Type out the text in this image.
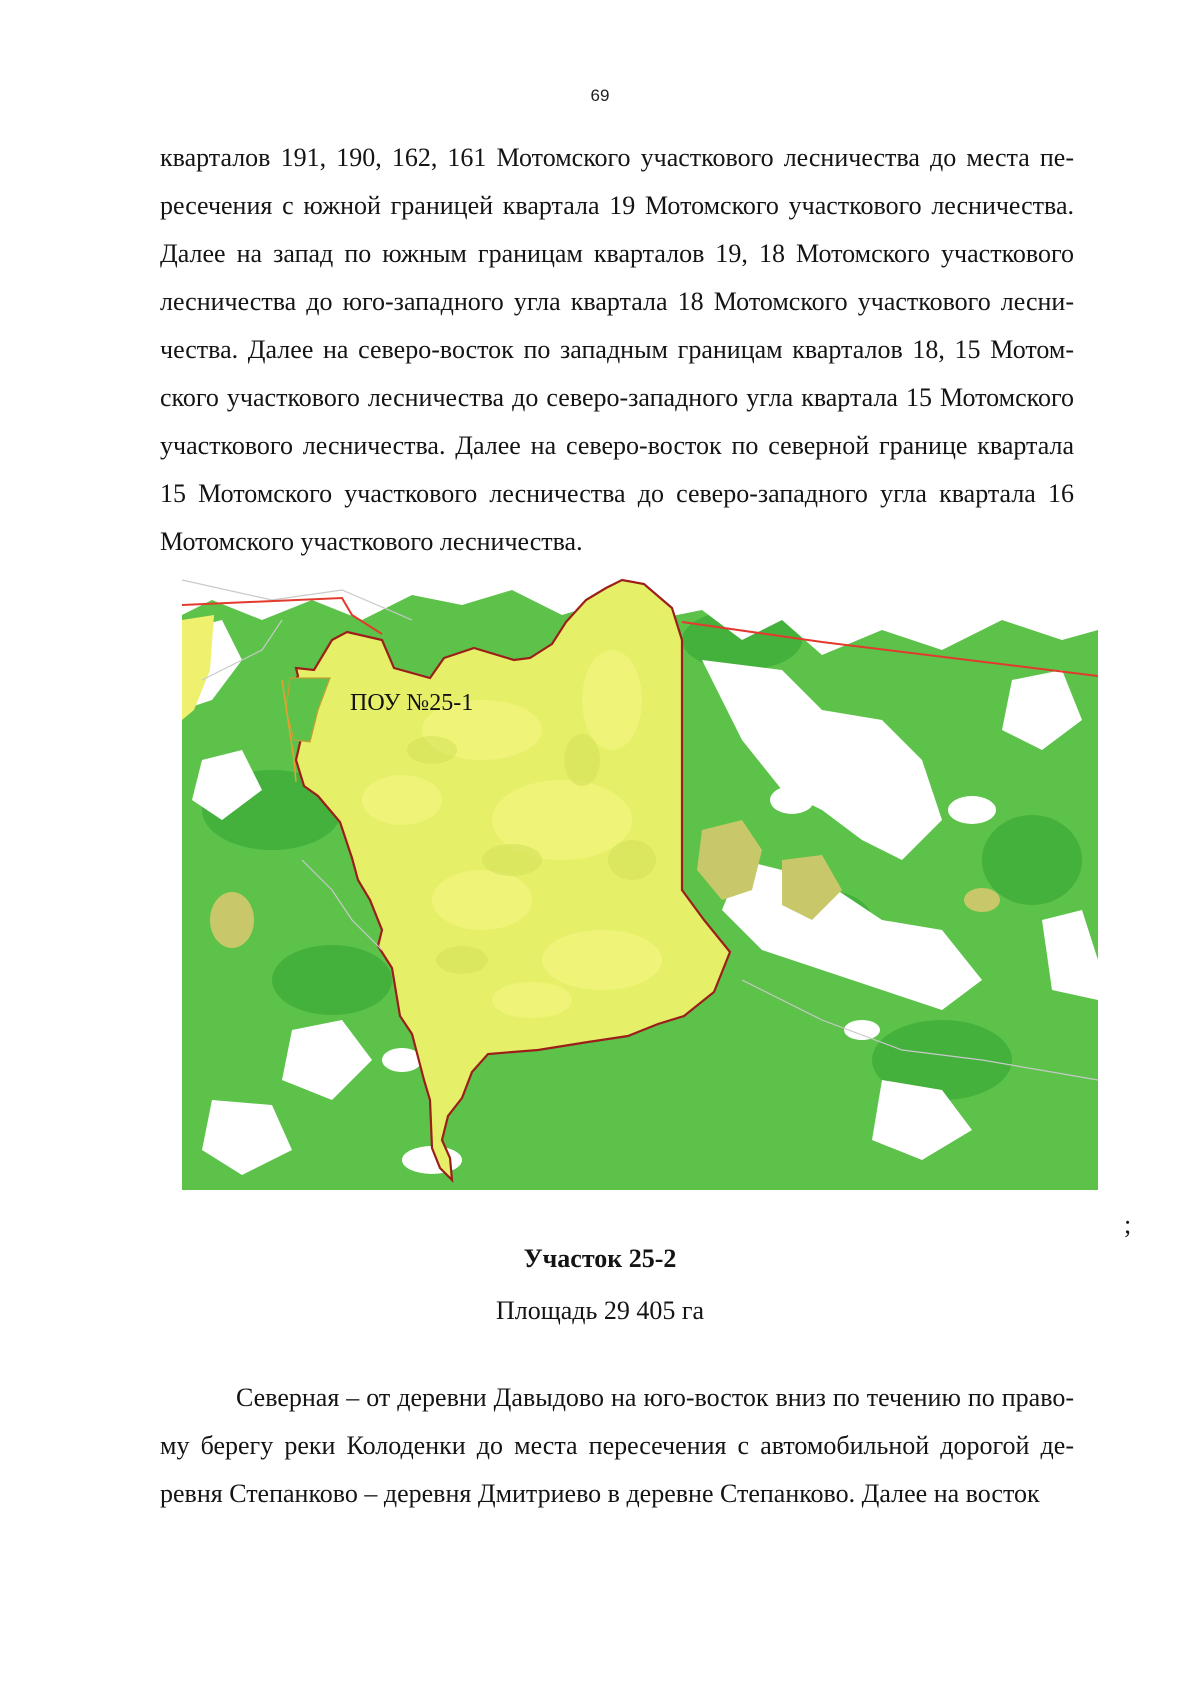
69

кварталов 191, 190, 162, 161 Мотомского участкового лесничества до места пересечения с южной границей квартала 19 Мотомского участкового лесничества. Далее на запад по южным границам кварталов 19, 18 Мотомского участкового лесничества до юго-западного угла квартала 18 Мотомского участкового лесничества. Далее на северо-восток по западным границам кварталов 18, 15 Мотомского участкового лесничества до северо-западного угла квартала 15 Мотомского участкового лесничества. Далее на северо-восток по северной границе квартала 15 Мотомского участкового лесничества до северо-западного угла квартала 16 Мотомского участкового лесничества.

ПОУ №25-1
;
Участок 25-2
Площадь 29 405 га

Северная – от деревни Давыдово на юго-восток вниз по течению по правому берегу реки Колоденки до места пересечения с автомобильной дорогой деревня Степанково – деревня Дмитриево в деревне Степанково. Далее на восток
